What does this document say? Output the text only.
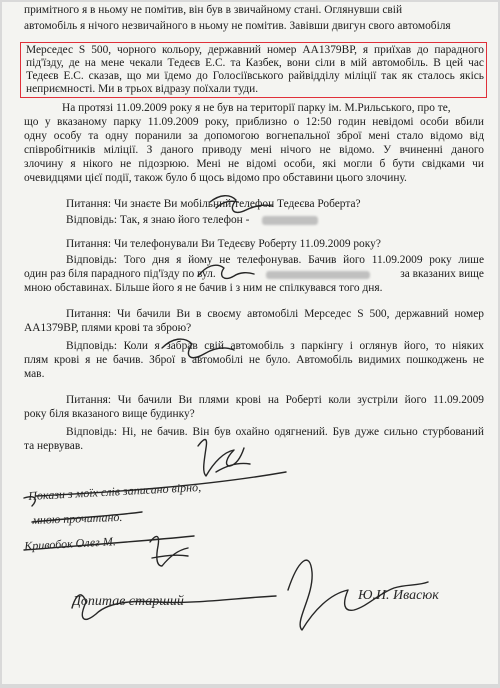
примітного я в ньому не помітив, він був в звичайному стані. Оглянувши свій
автомобіль я нічого незвичайного в ньому не помітив. Завівши двигун свого автомобіля
Мерседес S 500, чорного кольору, державний номер АА1379ВР, я приїхав до парадного
під'їзду, де на мене чекали Тедеєв Е.С. та Казбек, вони сіли в мій автомобіль. В цей час
Тедеєв Е.С. сказав, що ми їдемо до Голосіївського райвідділу міліції так як сталось якісь
неприємності. Ми в трьох відразу поїхали туди.
На протязі 11.09.2009 року я не був на території парку ім. М.Рильського, про те,
що у вказаному парку 11.09.2009 року, приблизно о 12:50 годин невідомі особи вбили
одну особу та одну поранили за допомогою вогнепальної зброї мені стало відомо від
співробітників міліції. З даного приводу мені нічого не відомо. У вчиненні даного
злочину я нікого не підозрюю. Мені не відомі особи, які могли б бути свідками чи
очевидцями цієї події, також було б щось відомо про обставини цього злочину.
Питання: Чи знаєте Ви мобільний телефон Тедеєва Роберта?
Відповідь: Так, я знаю його телефон -
Питання: Чи телефонували Ви Тедеєву Роберту 11.09.2009 року?
Відповідь: Того дня я йому не телефонував. Бачив його 11.09.2009 року лише
один раз біля парадного під'їзду по вул.	за вказаних вище
мною обставинах. Більше його я не бачив і з ним не спілкувався того дня.
Питання: Чи бачили Ви в своєму автомобілі Мерседес S 500, державний номер
АА1379ВР, плями крові та зброю?
Відповідь: Коли я забрав свій автомобіль з паркінгу і оглянув його, то ніяких
плям крові я не бачив. Зброї в автомобілі не було. Автомобіль видимих пошкоджень не
мав.
Питання: Чи бачили Ви плями крові на Роберті коли зустріли його 11.09.2009
року біля вказаного вище будинку?
Відповідь: Ні, не бачив. Він був охайно одягнений. Був дуже сильно стурбований
та нервував.
Покази з моїх слів записано вірно,
мною прочитано.
Кривобок Олег М.
Допитав старший	Ю.И. Ивасюк
